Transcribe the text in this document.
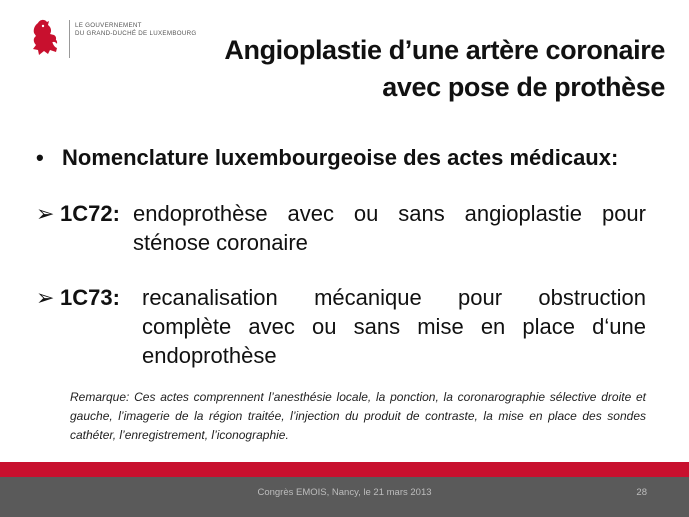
LE GOUVERNEMENT
DU GRAND-DUCHÉ DE LUXEMBOURG
Angioplastie d’une artère coronaire
avec pose de prothèse
• Nomenclature luxembourgeoise des actes médicaux:
➢ 1C72: endoprothèse avec ou sans angioplastie pour sténose coronaire
➢ 1C73: recanalisation mécanique pour obstruction complète avec ou sans mise en place d‘une endoprothèse
Remarque: Ces actes comprennent l’anesthésie locale, la ponction, la coronarographie sélective droite et gauche, l’imagerie de la région traitée, l’injection du produit de contraste, la mise en place des sondes cathéter, l’enregistrement, l’iconographie.
Congrès EMOIS, Nancy, le 21 mars 2013	28
